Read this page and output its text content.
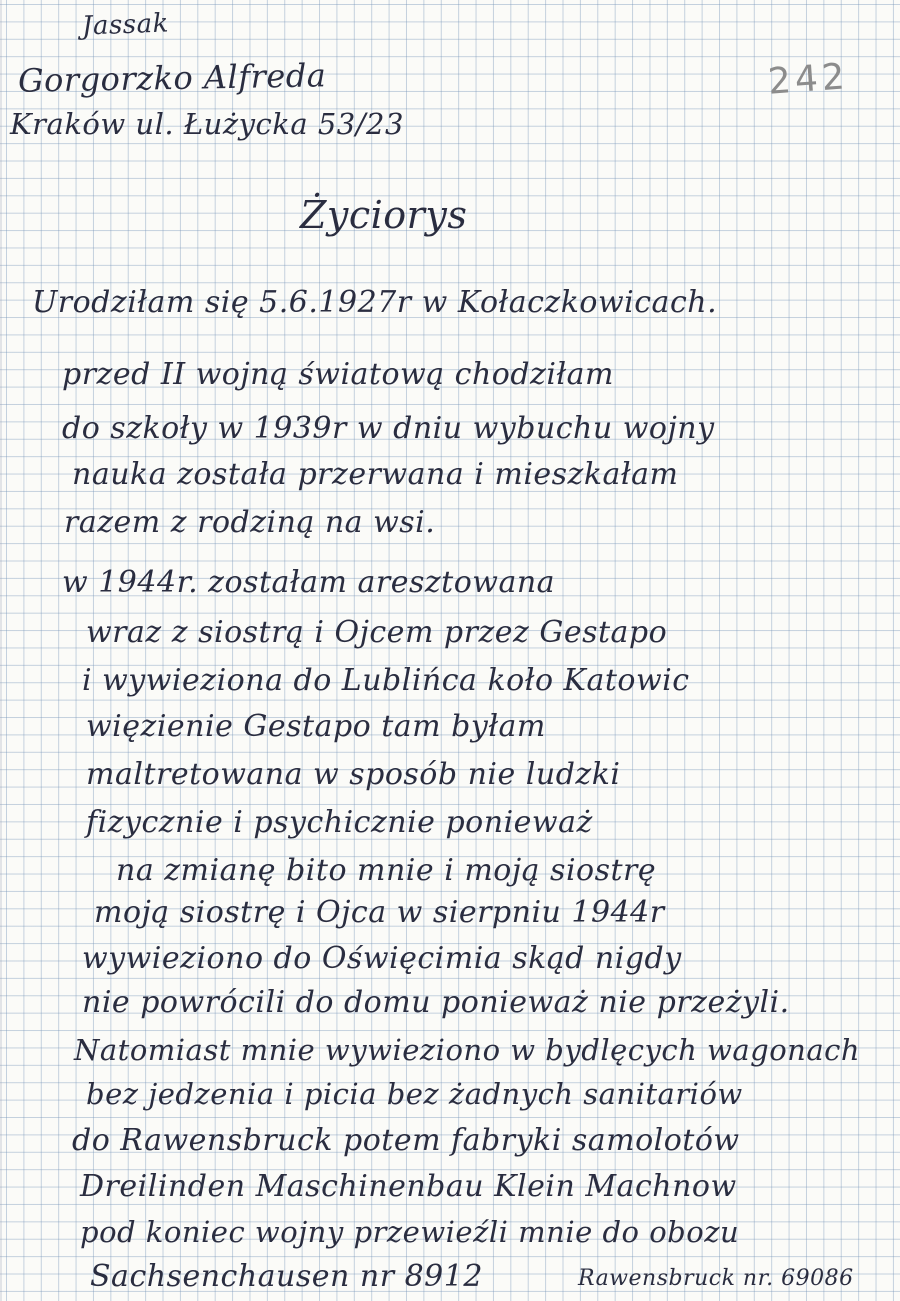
Jassak
Gorgorzko Alfreda
Kraków ul. Łużycka 53/23
242
Życiorys
Urodziłam się 5.6.1927r w Kołaczkowicach.
przed II wojną światową chodziłam
do szkoły w 1939r w dniu wybuchu wojny
nauka została przerwana i mieszkałam
razem z rodziną na wsi.
w 1944r. zostałam aresztowana
wraz z siostrą i Ojcem przez Gestapo
i wywieziona do Lublińca koło Katowic
więzienie Gestapo tam byłam
maltretowana w sposób nie ludzki
fizycznie i psychicznie ponieważ
na zmianę bito mnie i moją siostrę
moją siostrę i Ojca w sierpniu 1944r
wywieziono do Oświęcimia skąd nigdy
nie powrócili do domu ponieważ nie przeżyli.
Natomiast mnie wywieziono w bydlęcych wagonach
bez jedzenia i picia bez żadnych sanitariów
do Rawensbruck potem fabryki samolotów
Dreilinden Maschinenbau Klein Machnow
pod koniec wojny przewieźli mnie do obozu
Sachsenchausen nr 8912	Rawensbruck nr. 69086
